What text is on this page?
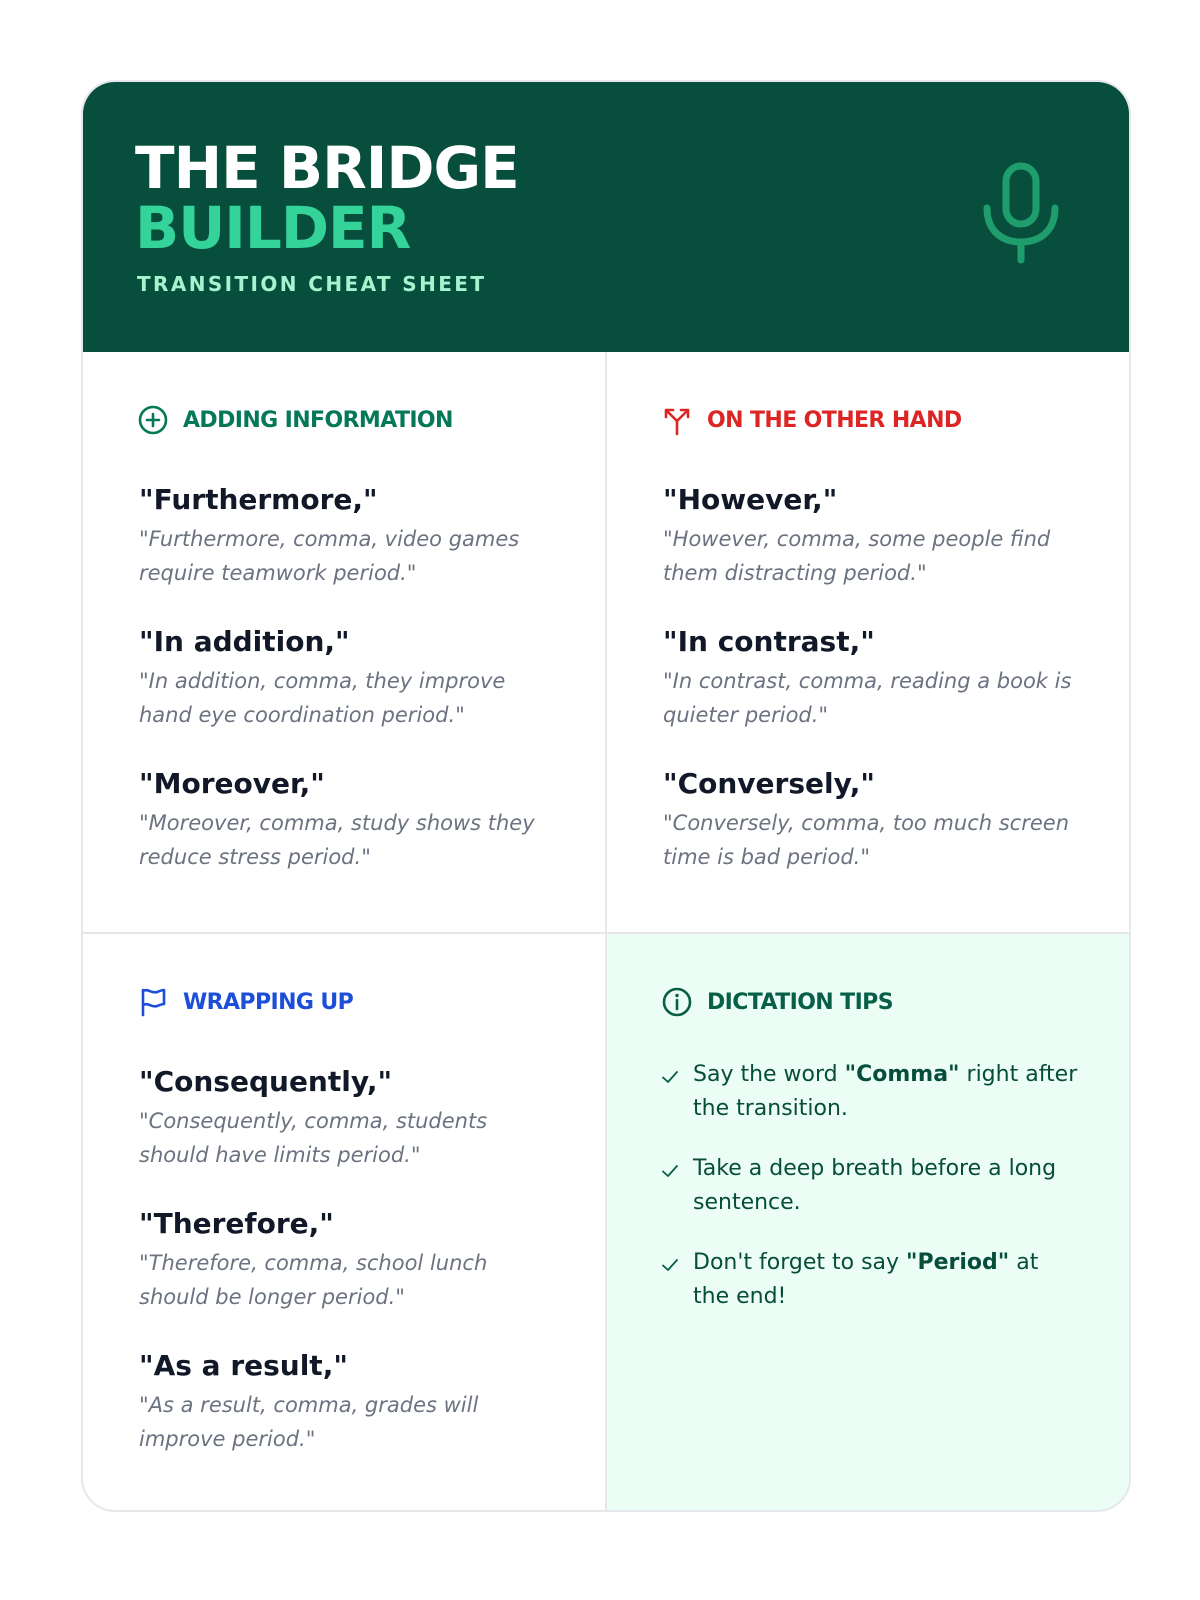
THE BRIDGE
BUILDER

TRANSITION CHEAT SHEET

ADDING INFORMATION

"Furthermore,"

"Furthermore, comma, video games require teamwork period."

"In addition,"

"In addition, comma, they improve hand eye coordination period."

"Moreover,"

"Moreover, comma, study shows they reduce stress period."

ON THE OTHER HAND

"However,"

"However, comma, some people find them distracting period."

"In contrast,"

"In contrast, comma, reading a book is quieter period."

"Conversely,"

"Conversely, comma, too much screen time is bad period."

WRAPPING UP

"Consequently,"

"Consequently, comma, students should have limits period."

"Therefore,"

"Therefore, comma, school lunch should be longer period."

"As a result,"

"As a result, comma, grades will improve period."

DICTATION TIPS
Say the word "Comma" right after the transition.
Take a deep breath before a long sentence.
Don't forget to say "Period" at the end!
